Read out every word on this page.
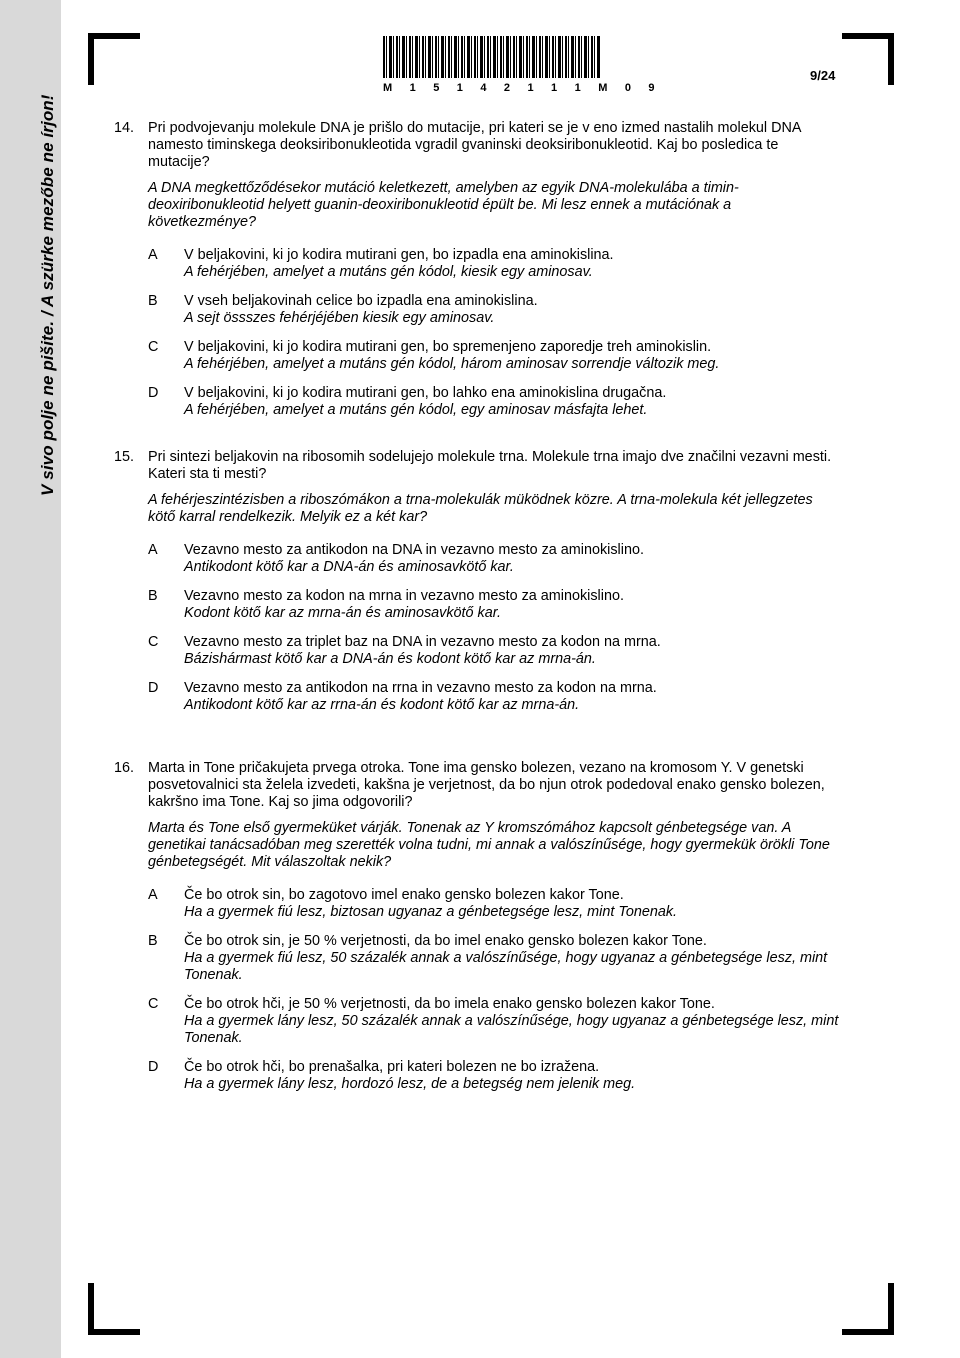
V sivo polje ne pišite. / A szürke mezőbe ne írjon!
M 1 5 1 4 2 1 1 1 M 0 9
9/24
14. Pri podvojevanju molekule DNA je prišlo do mutacije, pri kateri se je v eno izmed nastalih molekul DNA namesto timinskega deoksiribonukleotida vgradil gvaninski deoksiribonukleotid. Kaj bo posledica te mutacije?

A DNA megkettőződésekor mutáció keletkezett, amelyben az egyik DNA-molekulába a timin-deoxiribonukleotid helyett guanin-deoxiribonukleotid épült be. Mi lesz ennek a mutációnak a következménye?

A V beljakovini, ki jo kodira mutirani gen, bo izpadla ena aminokislina.

A fehérjében, amelyet a mutáns gén kódol, kiesik egy aminosav.

B V vseh beljakovinah celice bo izpadla ena aminokislina.

A sejt össszes fehérjéjében kiesik egy aminosav.

C V beljakovini, ki jo kodira mutirani gen, bo spremenjeno zaporedje treh aminokislin.

A fehérjében, amelyet a mutáns gén kódol, három aminosav sorrendje változik meg.

D V beljakovini, ki jo kodira mutirani gen, bo lahko ena aminokislina drugačna.

A fehérjében, amelyet a mutáns gén kódol, egy aminosav másfajta lehet.

15. Pri sintezi beljakovin na ribosomih sodelujejo molekule trna. Molekule trna imajo dve značilni vezavni mesti. Kateri sta ti mesti?

A fehérjeszintézisben a riboszómákon a trna-molekulák müködnek közre. A trna-molekula két jellegzetes kötő karral rendelkezik. Melyik ez a két kar?

A Vezavno mesto za antikodon na DNA in vezavno mesto za aminokislino.

Antikodont kötő kar a DNA-án és aminosavkötő kar.

B Vezavno mesto za kodon na mrna in vezavno mesto za aminokislino.

Kodont kötő kar az mrna-án és aminosavkötő kar.

C Vezavno mesto za triplet baz na DNA in vezavno mesto za kodon na mrna.

Bázishármast kötő kar a DNA-án és kodont kötő kar az mrna-án.

D Vezavno mesto za antikodon na rrna in vezavno mesto za kodon na mrna.

Antikodont kötő kar az rrna-án és kodont kötő kar az mrna-án.

16. Marta in Tone pričakujeta prvega otroka. Tone ima gensko bolezen, vezano na kromosom Y. V genetski posvetovalnici sta želela izvedeti, kakšna je verjetnost, da bo njun otrok podedoval enako gensko bolezen, kakršno ima Tone. Kaj so jima odgovorili?

Marta és Tone első gyermeküket várják. Tonenak az Y kromszómához kapcsolt génbetegsége van. A genetikai tanácsadóban meg szerették volna tudni, mi annak a valószínűsége, hogy gyermekük örökli Tone génbetegségét. Mit válaszoltak nekik?

A Če bo otrok sin, bo zagotovo imel enako gensko bolezen kakor Tone.

Ha a gyermek fiú lesz, biztosan ugyanaz a génbetegsége lesz, mint Tonenak.

B Če bo otrok sin, je 50 % verjetnosti, da bo imel enako gensko bolezen kakor Tone.

Ha a gyermek fiú lesz, 50 százalék annak a valószínűsége, hogy ugyanaz a génbetegsége lesz, mint Tonenak.

C Če bo otrok hči, je 50 % verjetnosti, da bo imela enako gensko bolezen kakor Tone.

Ha a gyermek lány lesz, 50 százalék annak a valószínűsége, hogy ugyanaz a génbetegsége lesz, mint Tonenak.

D Če bo otrok hči, bo prenašalka, pri kateri bolezen ne bo izražena.

Ha a gyermek lány lesz, hordozó lesz, de a betegség nem jelenik meg.
